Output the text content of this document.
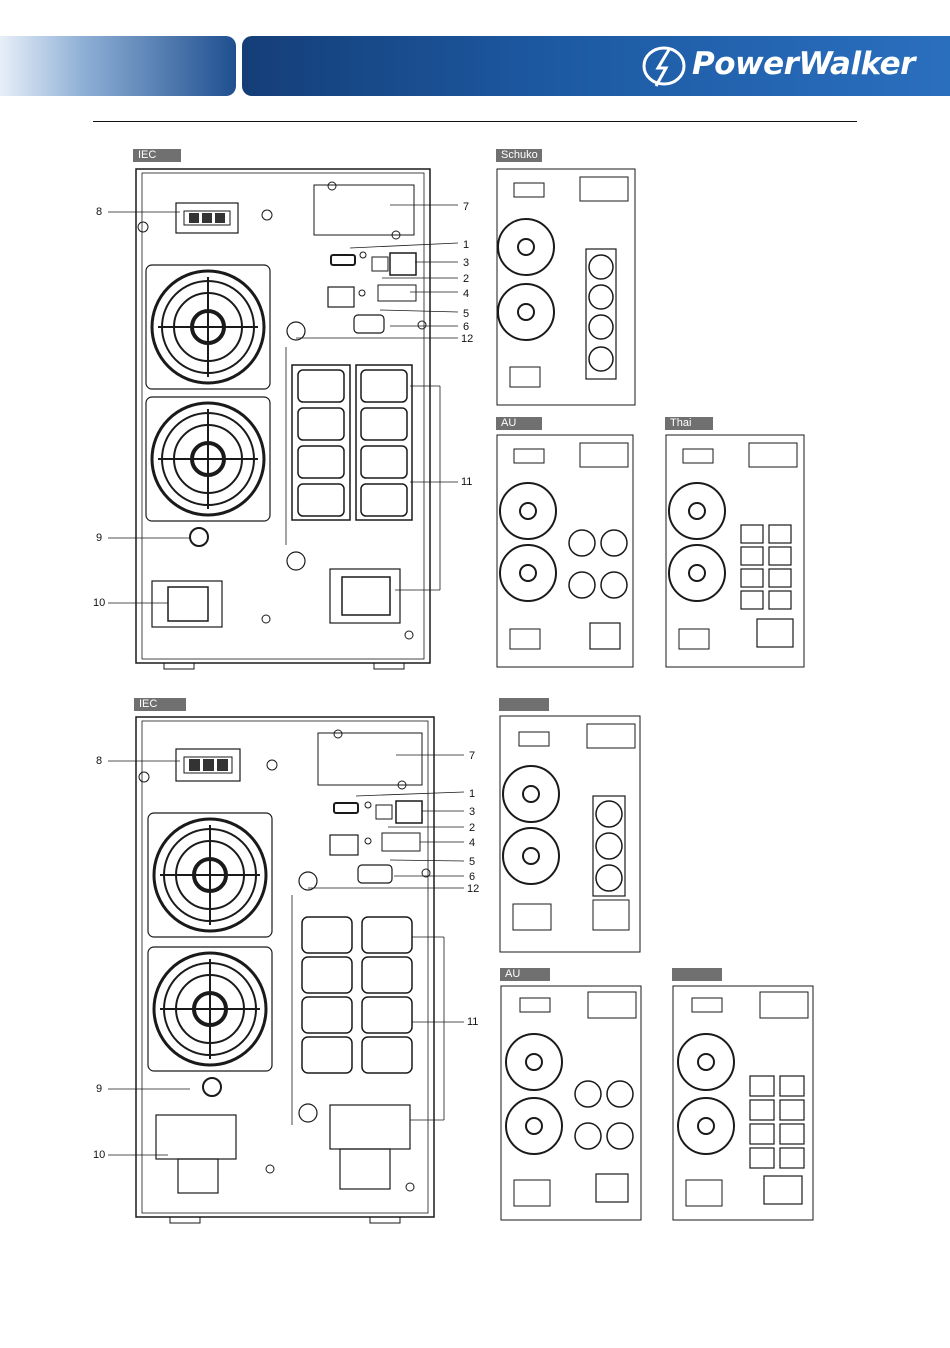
PowerWalker
IEC	Schuko
AU	Thai
8	7
1
3
2
4
5
6
12
11
9
10
IEC
AU
8	7
1
3
2
4
5
6
12
11
9
10
